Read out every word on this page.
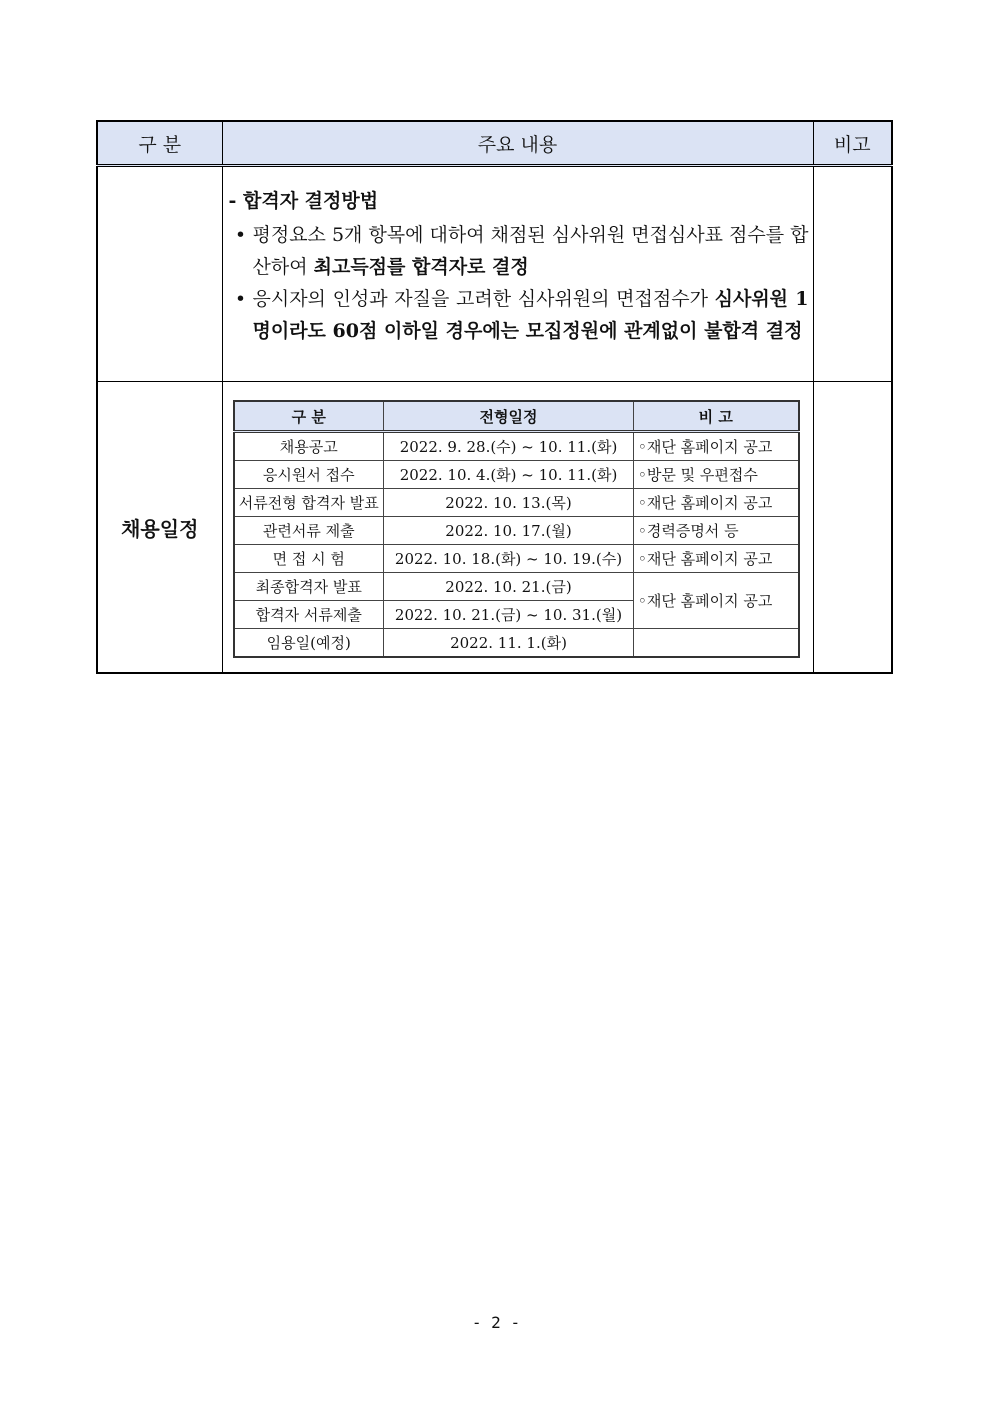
구 분	주요 내용	비고

- 합격자 결정방법
• 평정요소 5개 항목에 대하여 채점된 심사위원 면접심사표 점수를 합산하여 최고득점를 합격자로 결정
• 응시자의 인성과 자질을 고려한 심사위원의 면접점수가 심사위원 1명이라도 60점 이하일 경우에는 모집정원에 관계없이 불합격 결정

채용일정	
구 분	전형일정	비 고
채용공고	2022. 9. 28.(수) ~ 10. 11.(화)	◦재단 홈페이지 공고
응시원서 접수	2022. 10. 4.(화) ~ 10. 11.(화)	◦방문 및 우편접수
서류전형 합격자 발표	2022. 10. 13.(목)	◦재단 홈페이지 공고
관련서류 제출	2022. 10. 17.(월)	◦경력증명서 등
면 접 시 험	2022. 10. 18.(화) ~ 10. 19.(수)	◦재단 홈페이지 공고
최종합격자 발표	2022. 10. 21.(금)	◦재단 홈페이지 공고
합격자 서류제출	2022. 10. 21.(금) ~ 10. 31.(월)
임용일(예정)	2022. 11. 1.(화)	

- 2 -
